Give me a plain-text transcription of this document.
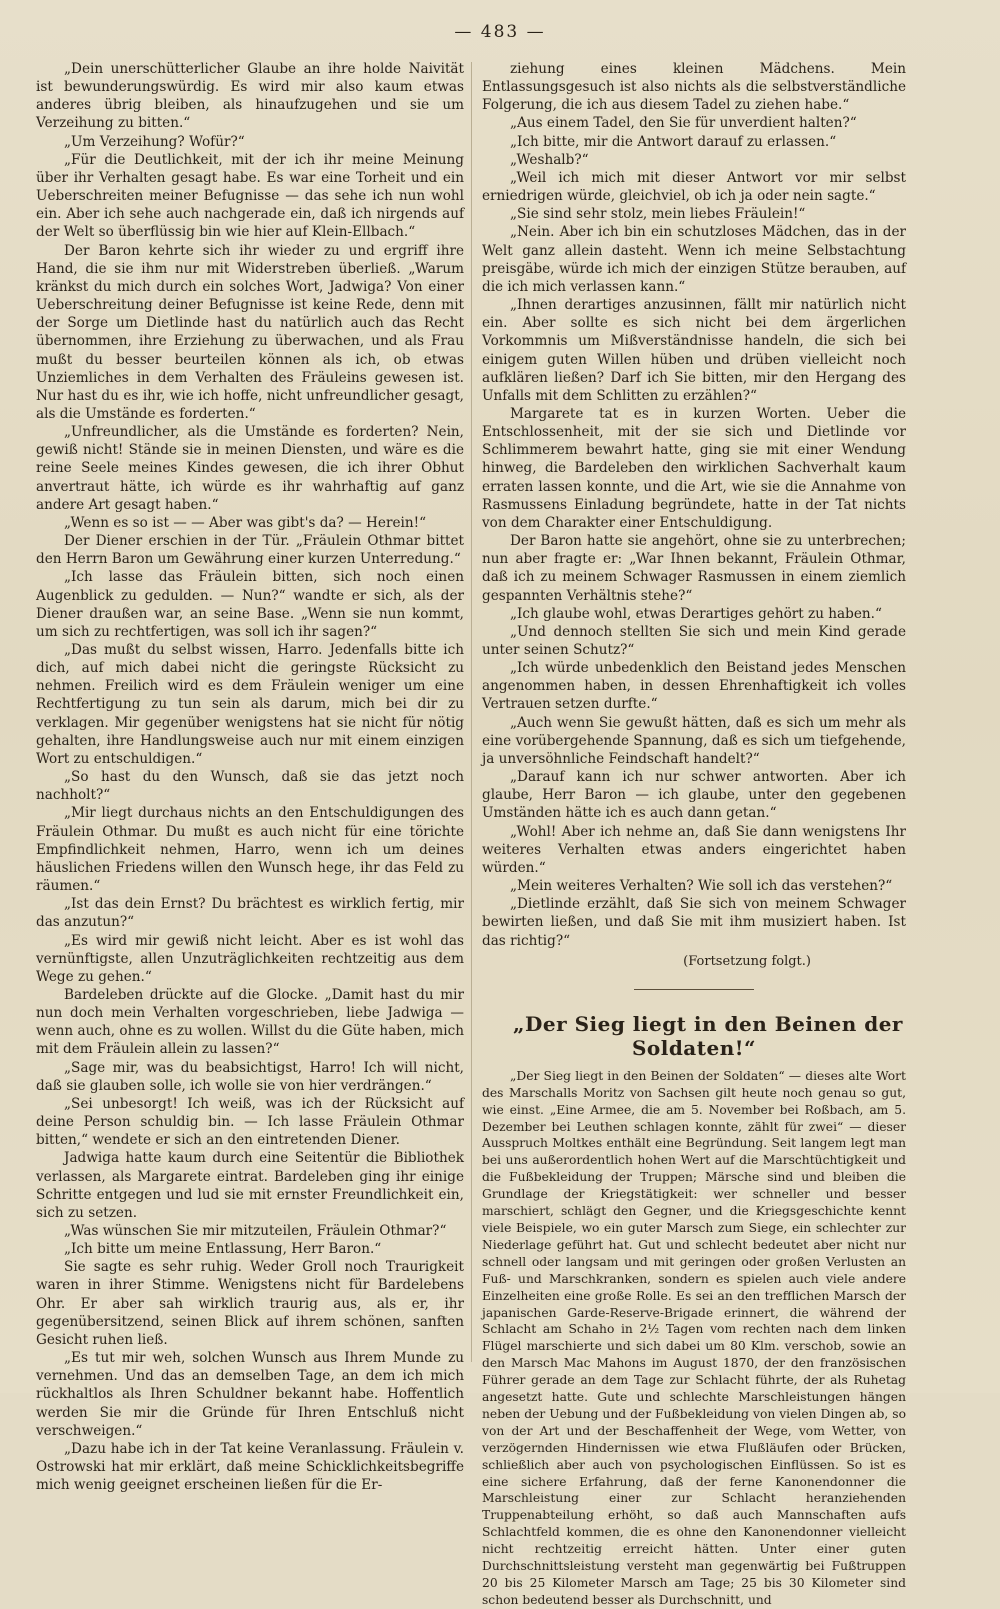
— 483 —

„Dein unerschütterlicher Glaube an ihre holde Naivität ist bewunderungswürdig. Es wird mir also kaum etwas anderes übrig bleiben, als hinaufzugehen und sie um Verzeihung zu bitten.“

„Um Verzeihung? Wofür?“

„Für die Deutlichkeit, mit der ich ihr meine Meinung über ihr Verhalten gesagt habe. Es war eine Torheit und ein Ueberschreiten meiner Befugnisse — das sehe ich nun wohl ein. Aber ich sehe auch nachgerade ein, daß ich nirgends auf der Welt so überflüssig bin wie hier auf Klein-Ellbach.“

Der Baron kehrte sich ihr wieder zu und ergriff ihre Hand, die sie ihm nur mit Widerstreben überließ. „Warum kränkst du mich durch ein solches Wort, Jadwiga? Von einer Ueberschreitung deiner Befugnisse ist keine Rede, denn mit der Sorge um Dietlinde hast du natürlich auch das Recht übernommen, ihre Erziehung zu überwachen, und als Frau mußt du besser beurteilen können als ich, ob etwas Unziemliches in dem Verhalten des Fräuleins gewesen ist. Nur hast du es ihr, wie ich hoffe, nicht unfreundlicher gesagt, als die Umstände es forderten.“

„Unfreundlicher, als die Umstände es forderten? Nein, gewiß nicht! Stände sie in meinen Diensten, und wäre es die reine Seele meines Kindes gewesen, die ich ihrer Obhut anvertraut hätte, ich würde es ihr wahrhaftig auf ganz andere Art gesagt haben.“

„Wenn es so ist — — Aber was gibt's da? — Herein!“

Der Diener erschien in der Tür. „Fräulein Othmar bittet den Herrn Baron um Gewährung einer kurzen Unterredung.“

„Ich lasse das Fräulein bitten, sich noch einen Augenblick zu gedulden. — Nun?“ wandte er sich, als der Diener draußen war, an seine Base. „Wenn sie nun kommt, um sich zu rechtfertigen, was soll ich ihr sagen?“

„Das mußt du selbst wissen, Harro. Jedenfalls bitte ich dich, auf mich dabei nicht die geringste Rücksicht zu nehmen. Freilich wird es dem Fräulein weniger um eine Rechtfertigung zu tun sein als darum, mich bei dir zu verklagen. Mir gegenüber wenigstens hat sie nicht für nötig gehalten, ihre Handlungsweise auch nur mit einem einzigen Wort zu entschuldigen.“

„So hast du den Wunsch, daß sie das jetzt noch nachholt?“

„Mir liegt durchaus nichts an den Entschuldigungen des Fräulein Othmar. Du mußt es auch nicht für eine törichte Empfindlichkeit nehmen, Harro, wenn ich um deines häuslichen Friedens willen den Wunsch hege, ihr das Feld zu räumen.“

„Ist das dein Ernst? Du brächtest es wirklich fertig, mir das anzutun?“

„Es wird mir gewiß nicht leicht. Aber es ist wohl das vernünftigste, allen Unzuträglichkeiten rechtzeitig aus dem Wege zu gehen.“

Bardeleben drückte auf die Glocke. „Damit hast du mir nun doch mein Verhalten vorgeschrieben, liebe Jadwiga — wenn auch, ohne es zu wollen. Willst du die Güte haben, mich mit dem Fräulein allein zu lassen?“

„Sage mir, was du beabsichtigst, Harro! Ich will nicht, daß sie glauben solle, ich wolle sie von hier verdrängen.“

„Sei unbesorgt! Ich weiß, was ich der Rücksicht auf deine Person schuldig bin. — Ich lasse Fräulein Othmar bitten,“ wendete er sich an den eintretenden Diener.

Jadwiga hatte kaum durch eine Seitentür die Bibliothek verlassen, als Margarete eintrat. Bardeleben ging ihr einige Schritte entgegen und lud sie mit ernster Freundlichkeit ein, sich zu setzen.

„Was wünschen Sie mir mitzuteilen, Fräulein Othmar?“

„Ich bitte um meine Entlassung, Herr Baron.“

Sie sagte es sehr ruhig. Weder Groll noch Traurigkeit waren in ihrer Stimme. Wenigstens nicht für Bardelebens Ohr. Er aber sah wirklich traurig aus, als er, ihr gegenübersitzend, seinen Blick auf ihrem schönen, sanften Gesicht ruhen ließ.

„Es tut mir weh, solchen Wunsch aus Ihrem Munde zu vernehmen. Und das an demselben Tage, an dem ich mich rückhaltlos als Ihren Schuldner bekannt habe. Hoffentlich werden Sie mir die Gründe für Ihren Entschluß nicht verschweigen.“

„Dazu habe ich in der Tat keine Veranlassung. Fräulein v. Ostrowski hat mir erklärt, daß meine Schicklichkeitsbegriffe mich wenig geeignet erscheinen ließen für die Er-

ziehung eines kleinen Mädchens. Mein Entlassungsgesuch ist also nichts als die selbstverständliche Folgerung, die ich aus diesem Tadel zu ziehen habe.“

„Aus einem Tadel, den Sie für unverdient halten?“

„Ich bitte, mir die Antwort darauf zu erlassen.“

„Weshalb?“

„Weil ich mich mit dieser Antwort vor mir selbst erniedrigen würde, gleichviel, ob ich ja oder nein sagte.“

„Sie sind sehr stolz, mein liebes Fräulein!“

„Nein. Aber ich bin ein schutzloses Mädchen, das in der Welt ganz allein dasteht. Wenn ich meine Selbstachtung preisgäbe, würde ich mich der einzigen Stütze berauben, auf die ich mich verlassen kann.“

„Ihnen derartiges anzusinnen, fällt mir natürlich nicht ein. Aber sollte es sich nicht bei dem ärgerlichen Vorkommnis um Mißverständnisse handeln, die sich bei einigem guten Willen hüben und drüben vielleicht noch aufklären ließen? Darf ich Sie bitten, mir den Hergang des Unfalls mit dem Schlitten zu erzählen?“

Margarete tat es in kurzen Worten. Ueber die Entschlossenheit, mit der sie sich und Dietlinde vor Schlimmerem bewahrt hatte, ging sie mit einer Wendung hinweg, die Bardeleben den wirklichen Sachverhalt kaum erraten lassen konnte, und die Art, wie sie die Annahme von Rasmussens Einladung begründete, hatte in der Tat nichts von dem Charakter einer Entschuldigung.

Der Baron hatte sie angehört, ohne sie zu unterbrechen; nun aber fragte er: „War Ihnen bekannt, Fräulein Othmar, daß ich zu meinem Schwager Rasmussen in einem ziemlich gespannten Verhältnis stehe?“

„Ich glaube wohl, etwas Derartiges gehört zu haben.“

„Und dennoch stellten Sie sich und mein Kind gerade unter seinen Schutz?“

„Ich würde unbedenklich den Beistand jedes Menschen angenommen haben, in dessen Ehrenhaftigkeit ich volles Vertrauen setzen durfte.“

„Auch wenn Sie gewußt hätten, daß es sich um mehr als eine vorübergehende Spannung, daß es sich um tiefgehende, ja unversöhnliche Feindschaft handelt?“

„Darauf kann ich nur schwer antworten. Aber ich glaube, Herr Baron — ich glaube, unter den gegebenen Umständen hätte ich es auch dann getan.“

„Wohl! Aber ich nehme an, daß Sie dann wenigstens Ihr weiteres Verhalten etwas anders eingerichtet haben würden.“

„Mein weiteres Verhalten? Wie soll ich das verstehen?“

„Dietlinde erzählt, daß Sie sich von meinem Schwager bewirten ließen, und daß Sie mit ihm musiziert haben. Ist das richtig?“

(Fortsetzung folgt.)

„Der Sieg liegt in den Beinen der Soldaten!“

„Der Sieg liegt in den Beinen der Soldaten“ — dieses alte Wort des Marschalls Moritz von Sachsen gilt heute noch genau so gut, wie einst. „Eine Armee, die am 5. November bei Roßbach, am 5. Dezember bei Leuthen schlagen konnte, zählt für zwei“ — dieser Ausspruch Moltkes enthält eine Begründung. Seit langem legt man bei uns außerordentlich hohen Wert auf die Marschtüchtigkeit und die Fußbekleidung der Truppen; Märsche sind und bleiben die Grundlage der Kriegstätigkeit: wer schneller und besser marschiert, schlägt den Gegner, und die Kriegsgeschichte kennt viele Beispiele, wo ein guter Marsch zum Siege, ein schlechter zur Niederlage geführt hat. Gut und schlecht bedeutet aber nicht nur schnell oder langsam und mit geringen oder großen Verlusten an Fuß- und Marschkranken, sondern es spielen auch viele andere Einzelheiten eine große Rolle. Es sei an den trefflichen Marsch der japanischen Garde-Reserve-Brigade erinnert, die während der Schlacht am Schaho in 2½ Tagen vom rechten nach dem linken Flügel marschierte und sich dabei um 80 Klm. verschob, sowie an den Marsch Mac Mahons im August 1870, der den französischen Führer gerade an dem Tage zur Schlacht führte, der als Ruhetag angesetzt hatte. Gute und schlechte Marschleistungen hängen neben der Uebung und der Fußbekleidung von vielen Dingen ab, so von der Art und der Beschaffenheit der Wege, vom Wetter, von verzögernden Hindernissen wie etwa Flußläufen oder Brücken, schließlich aber auch von psychologischen Einflüssen. So ist es eine sichere Erfahrung, daß der ferne Kanonendonner die Marschleistung einer zur Schlacht heranziehenden Truppenabteilung erhöht, so daß auch Mannschaften aufs Schlachtfeld kommen, die es ohne den Kanonendonner vielleicht nicht rechtzeitig erreicht hätten. Unter einer guten Durchschnittsleistung versteht man gegenwärtig bei Fußtruppen 20 bis 25 Kilometer Marsch am Tage; 25 bis 30 Kilometer sind schon bedeutend besser als Durchschnitt, und
